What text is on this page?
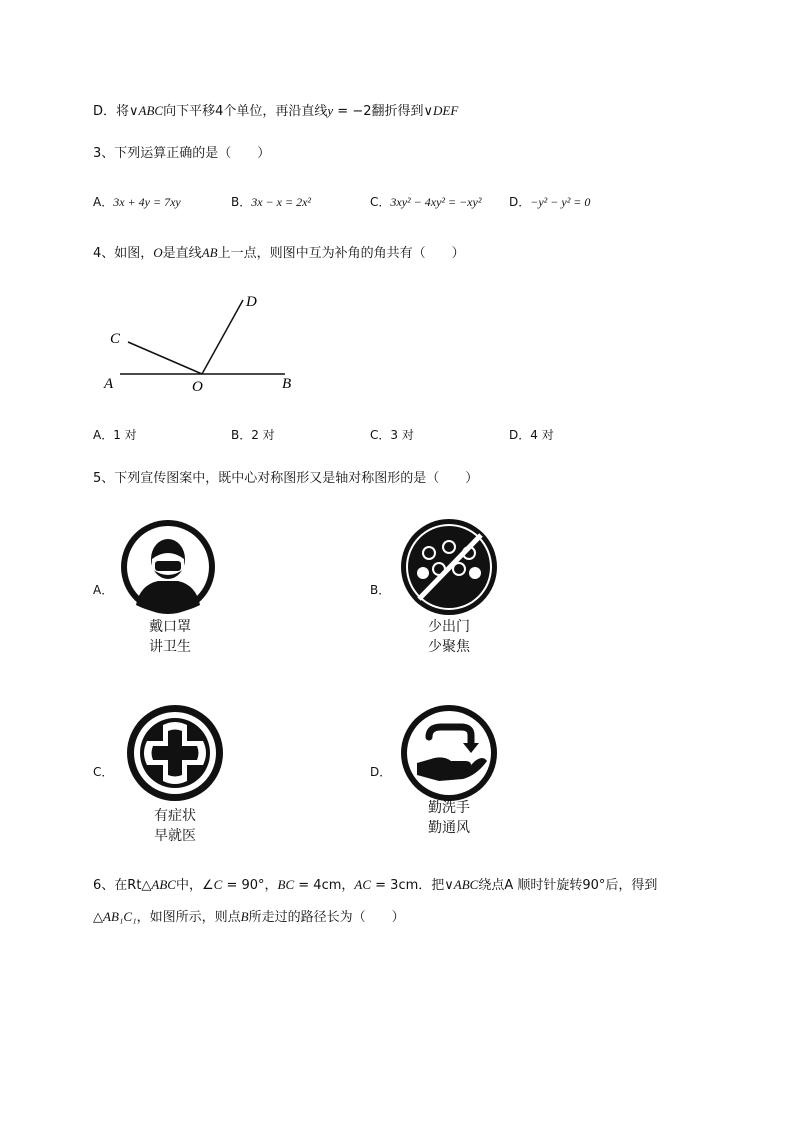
D．将∨ABC向下平移4个单位，再沿直线y = −2翻折得到∨DEF
3、下列运算正确的是（　　）
A．3x + 4y = 7xy	B．3x − x = 2x²	C．3xy² − 4xy² = −xy² D．−y² − y² = 0
4、如图，O是直线AB上一点，则图中互为补角的角共有（　　）
A	B
C
D
O
A．1 对	B．2 对	C．3 对	D．4 对
5、下列宣传图案中，既中心对称图形又是轴对称图形的是（　　）
A．
戴口罩
讲卫生
B．
少出门
少聚焦
C．
有症状
早就医
D．
勤洗手
勤通风
6、在Rt△ABC中，∠C = 90°，BC = 4cm，AC = 3cm．把∨ABC绕点A 顺时针旋转90°后，得到
△AB₁C₁，如图所示，则点B所走过的路径长为（　　）
